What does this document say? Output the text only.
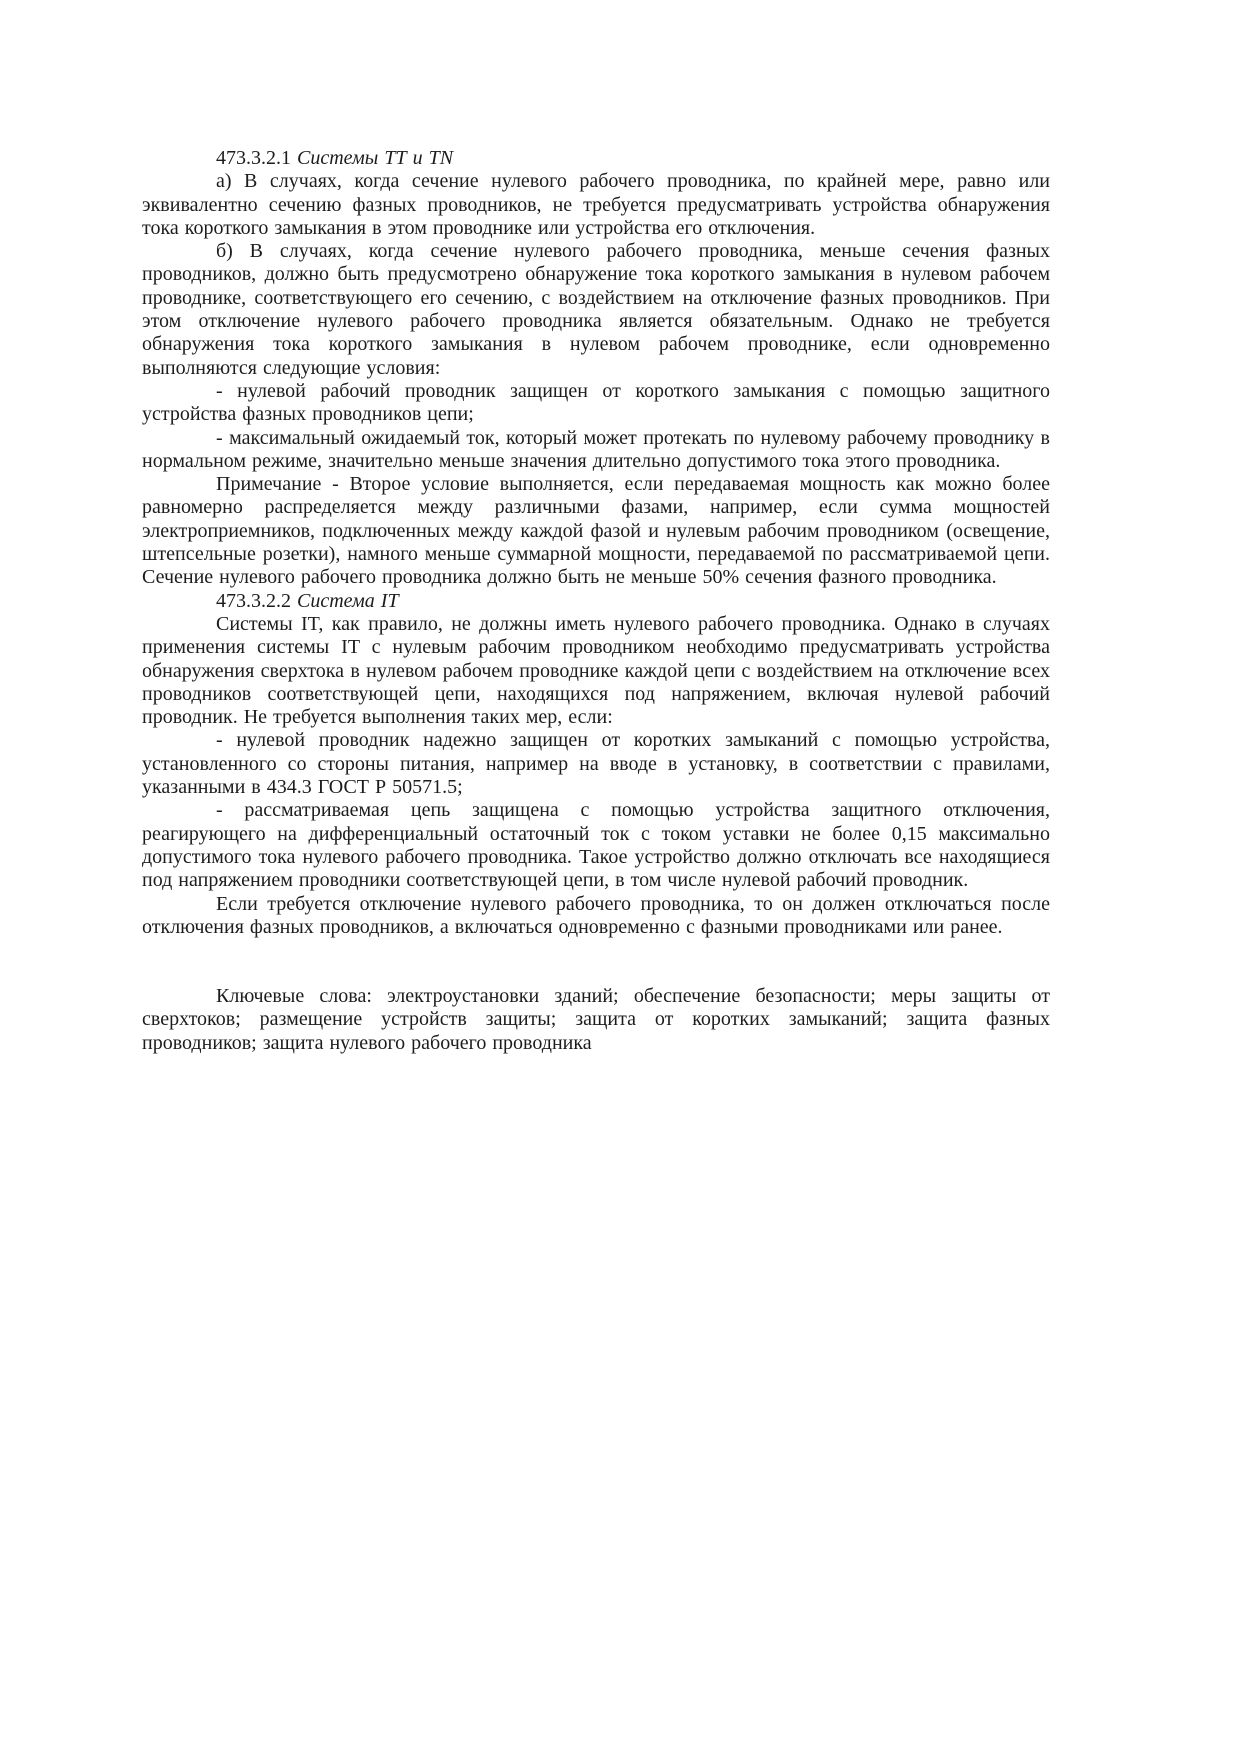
473.3.2.1 Системы ТТ и TN

а) В случаях, когда сечение нулевого рабочего проводника, по крайней мере, равно или эквивалентно сечению фазных проводников, не требуется предусматривать устройства обнаружения тока короткого замыкания в этом проводнике или устройства его отключения.

б) В случаях, когда сечение нулевого рабочего проводника, меньше сечения фазных проводников, должно быть предусмотрено обнаружение тока короткого замыкания в нулевом рабочем проводнике, соответствующего его сечению, с воздействием на отключение фазных проводников. При этом отключение нулевого рабочего проводника является обязательным. Однако не требуется обнаружения тока короткого замыкания в нулевом рабочем проводнике, если одновременно выполняются следующие условия:

- нулевой рабочий проводник защищен от короткого замыкания с помощью защитного устройства фазных проводников цепи;

- максимальный ожидаемый ток, который может протекать по нулевому рабочему проводнику в нормальном режиме, значительно меньше значения длительно допустимого тока этого проводника.

Примечание - Второе условие выполняется, если передаваемая мощность как можно более равномерно распределяется между различными фазами, например, если сумма мощностей электроприемников, подключенных между каждой фазой и нулевым рабочим проводником (освещение, штепсельные розетки), намного меньше суммарной мощности, передаваемой по рассматриваемой цепи. Сечение нулевого рабочего проводника должно быть не меньше 50% сечения фазного проводника.

473.3.2.2 Система IT

Системы IT, как правило, не должны иметь нулевого рабочего проводника. Однако в случаях применения системы IT с нулевым рабочим проводником необходимо предусматривать устройства обнаружения сверхтока в нулевом рабочем проводнике каждой цепи с воздействием на отключение всех проводников соответствующей цепи, находящихся под напряжением, включая нулевой рабочий проводник. Не требуется выполнения таких мер, если:

- нулевой проводник надежно защищен от коротких замыканий с помощью устройства, установленного со стороны питания, например на вводе в установку, в соответствии с правилами, указанными в 434.3 ГОСТ Р 50571.5;

- рассматриваемая цепь защищена с помощью устройства защитного отключения, реагирующего на дифференциальный остаточный ток с током уставки не более 0,15 максимально допустимого тока нулевого рабочего проводника. Такое устройство должно отключать все находящиеся под напряжением проводники соответствующей цепи, в том числе нулевой рабочий проводник.

Если требуется отключение нулевого рабочего проводника, то он должен отключаться после отключения фазных проводников, а включаться одновременно с фазными проводниками или ранее.

Ключевые слова: электроустановки зданий; обеспечение безопасности; меры защиты от сверхтоков; размещение устройств защиты; защита от коротких замыканий; защита фазных проводников; защита нулевого рабочего проводника
